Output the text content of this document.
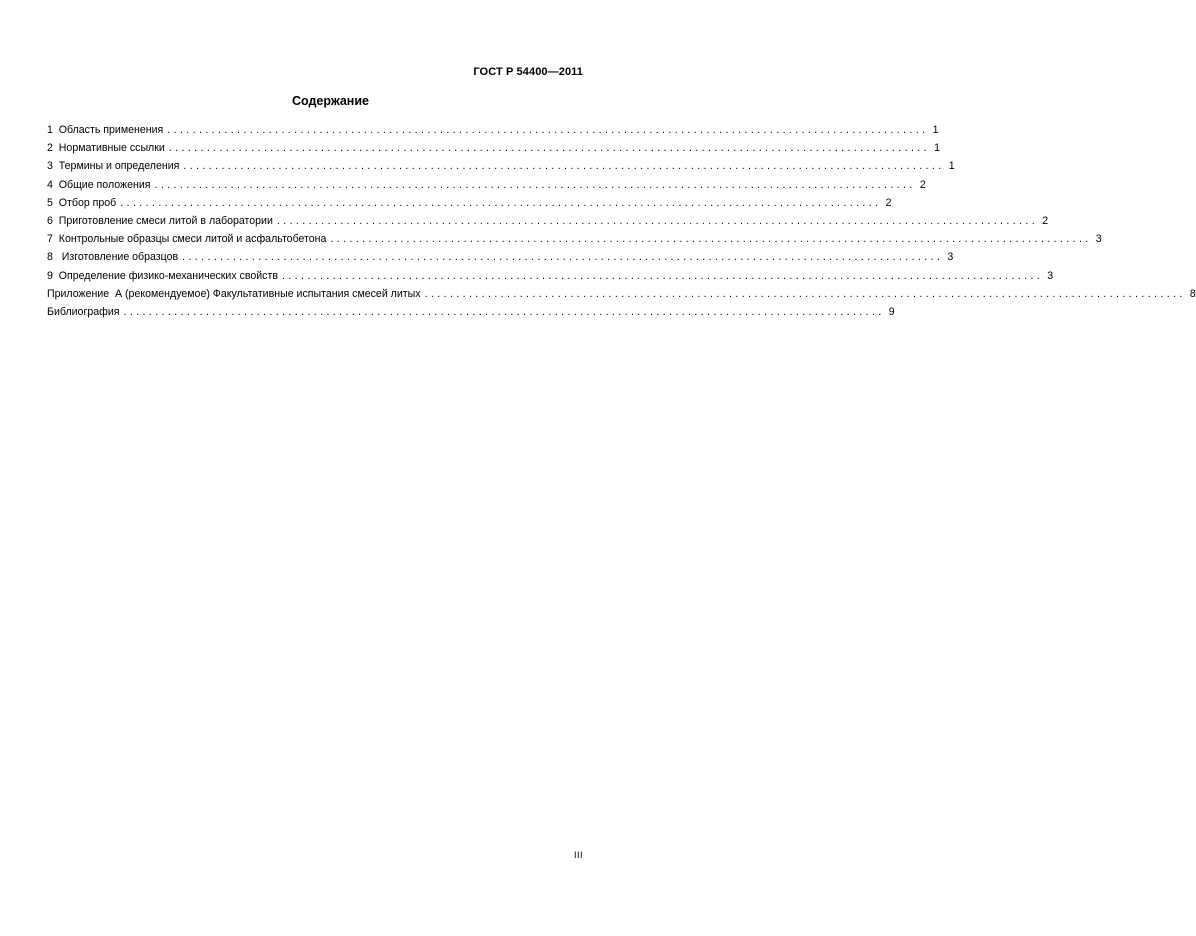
ГОСТ Р 54400—2011
Содержание
1  Область применения ........................................................................................................................ 1
2  Нормативные ссылки ........................................................................................................................ 1
3  Термины и определения ........................................................................................................................ 1
4  Общие положения ........................................................................................................................ 2
5  Отбор проб ........................................................................................................................ 2
6  Приготовление смеси литой в лаборатории ........................................................................................................................ 2
7  Контрольные образцы смеси литой и асфальтобетона ........................................................................................................................ 3
8   Изготовление образцов ........................................................................................................................ 3
9  Определение физико-механических свойств ........................................................................................................................ 3
Приложение  А (рекомендуемое) Факультативные испытания смесей литых ........................................................................................................................ 8
Библиография ........................................................................................................................ 9
III
